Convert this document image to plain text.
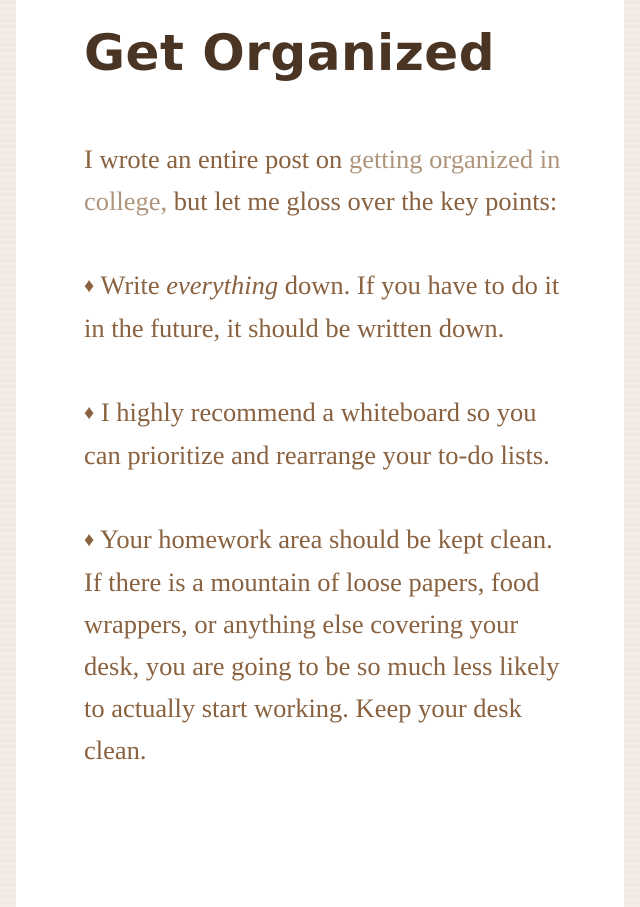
Get Organized

I wrote an entire post on getting organized in college, but let me gloss over the key points:

♦ Write everything down. If you have to do it in the future, it should be written down.

♦ I highly recommend a whiteboard so you can prioritize and rearrange your to-do lists.

♦ Your homework area should be kept clean. If there is a mountain of loose papers, food wrappers, or anything else covering your desk, you are going to be so much less likely to actually start working. Keep your desk clean.
